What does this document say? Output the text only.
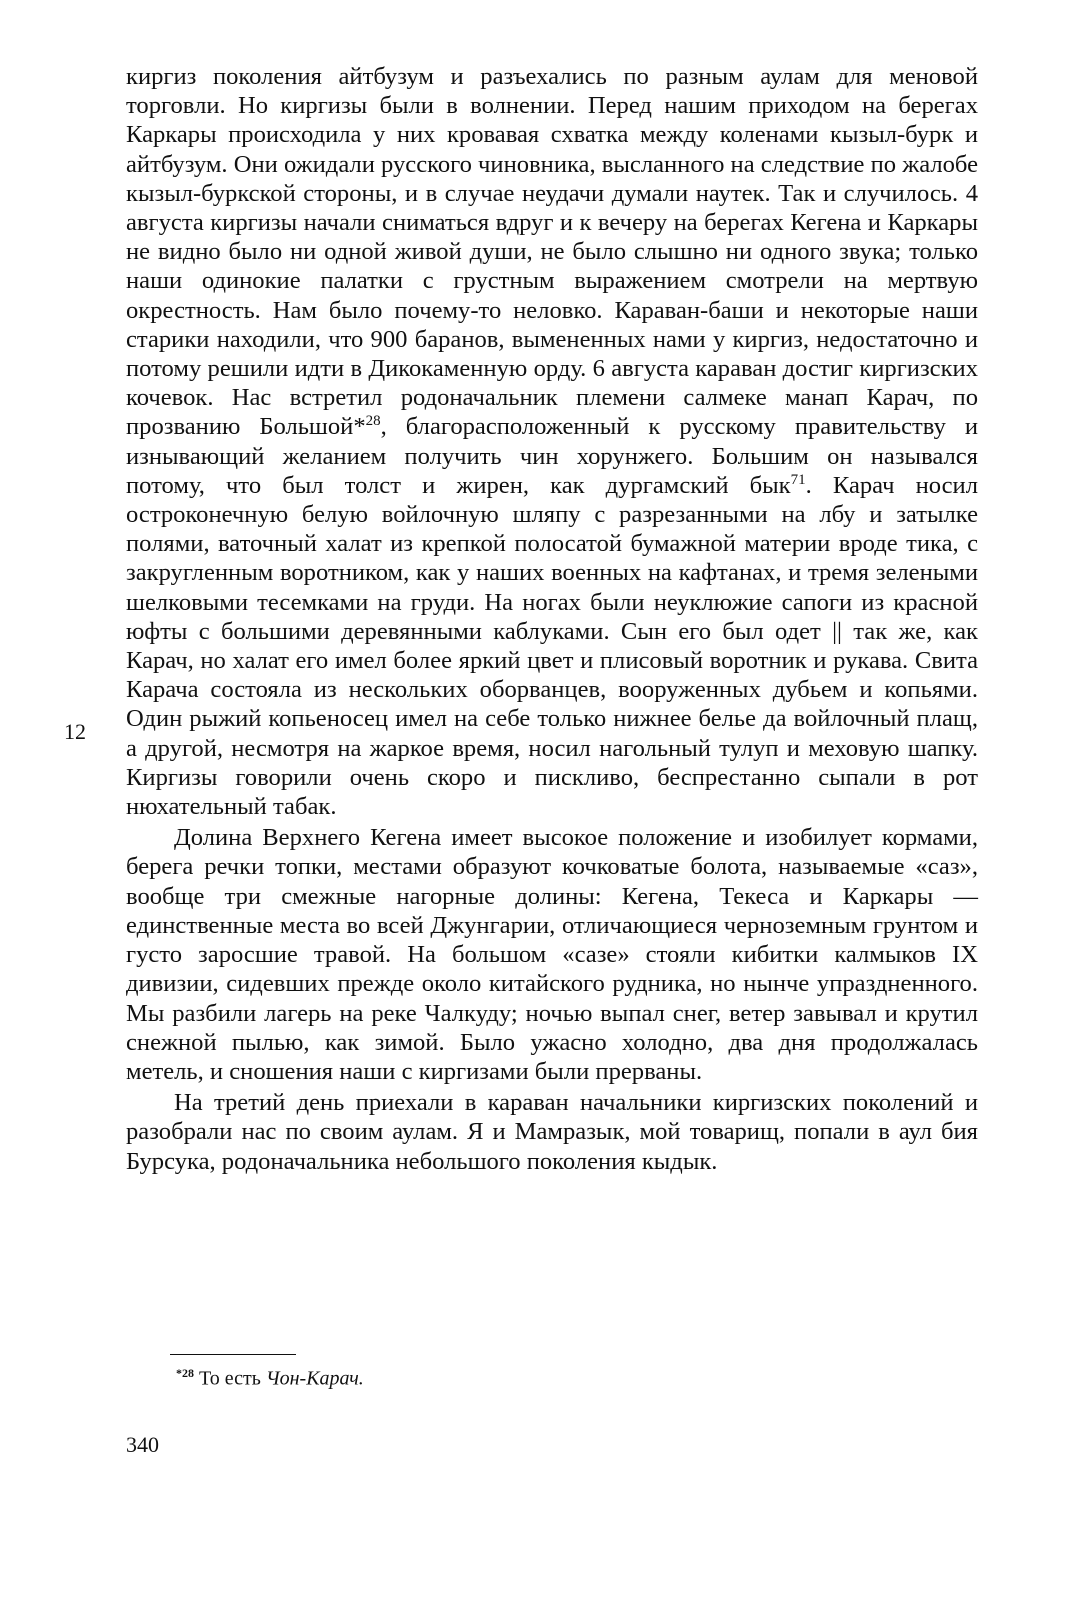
киргиз поколения айтбузум и разъехались по разным аулам для меновой торговли. Но киргизы были в волнении. Перед нашим приходом на берегах Каркары происходила у них кровавая схватка между коленами кызыл-бурк и айтбузум. Они ожидали русского чиновника, высланного на следствие по жалобе кызыл-буркской стороны, и в случае неудачи думали наутек. Так и случилось. 4 августа киргизы начали сниматься вдруг и к вечеру на берегах Кегена и Каркары не видно было ни одной живой души, не было слышно ни одного звука; только наши одинокие палатки с грустным выражением смотрели на мертвую окрестность. Нам было почему-то неловко. Караван-баши и некоторые наши старики находили, что 900 баранов, вымененных нами у киргиз, недостаточно и потому решили идти в Дикокаменную орду. 6 августа караван достиг киргизских кочевок. Нас встретил родоначальник племени салмеке манап Карач, по прозванию Большой*$^{28}$, благорасположенный к русскому правительству и изнывающий желанием получить чин хорунжего. Большим он назывался потому, что был толст и жирен, как дургамский бык$^{71}$. Карач носил остроконечную белую войлочную шляпу с разрезанными на лбу и затылке полями, ваточный халат из крепкой полосатой бумажной материи вроде тика, с закругленным воротником, как у наших военных на кафтанах, и тремя зелеными шелковыми тесемками на груди. На ногах были неуклюжие сапоги из красной юфты с большими деревянными каблуками. Сын его был одет || так же, как Карач, но халат его имел более яркий цвет и плисовый воротник и рукава. Свита Карача состояла из нескольких оборванцев, вооруженных дубьем и копьями. Один рыжий копьеносец имел на себе только нижнее белье да войлочный плащ, а другой, несмотря на жаркое время, носил нагольный тулуп и меховую шапку. Киргизы говорили очень скоро и пискливо, беспрестанно сыпали в рот нюхательный табак.

Долина Верхнего Кегена имеет высокое положение и изобилует кормами, берега речки топки, местами образуют кочковатые болота, называемые «саз», вообще три смежные нагорные долины: Кегена, Текеса и Каркары — единственные места во всей Джунгарии, отличающиеся черноземным грунтом и густо заросшие травой. На большом «сазе» стояли кибитки калмыков IX дивизии, сидевших прежде около китайского рудника, но нынче упраздненного. Мы разбили лагерь на реке Чалкуду; ночью выпал снег, ветер завывал и крутил снежной пылью, как зимой. Было ужасно холодно, два дня продолжалась метель, и сношения наши с киргизами были прерваны.

На третий день приехали в караван начальники киргизских поколений и разобрали нас по своим аулам. Я и Мамразык, мой товарищ, попали в аул бия Бурсука, родоначальника небольшого поколения кыдык.

12
$^{*28}$ То есть Чон-Карач.
340
